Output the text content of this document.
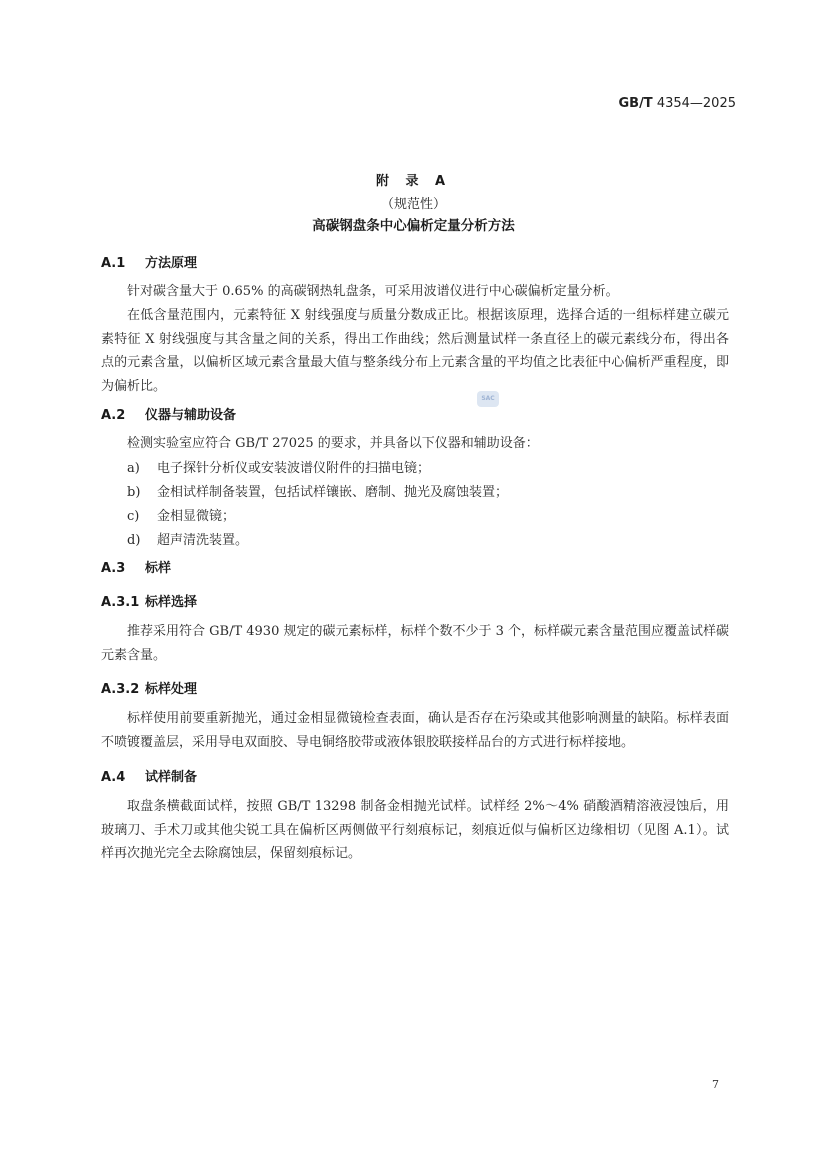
GB/T 4354—2025
附 录 A
（规范性）
高碳钢盘条中心偏析定量分析方法
A.1 方法原理
针对碳含量大于 0.65% 的高碳钢热轧盘条，可采用波谱仪进行中心碳偏析定量分析。
在低含量范围内，元素特征 X 射线强度与质量分数成正比。根据该原理，选择合适的一组标样建立碳元素特征 X 射线强度与其含量之间的关系，得出工作曲线；然后测量试样一条直径上的碳元素线分布，得出各点的元素含量，以偏析区域元素含量最大值与整条线分布上元素含量的平均值之比表征中心偏析严重程度，即为偏析比。
SAC
A.2 仪器与辅助设备
检测实验室应符合 GB/T 27025 的要求，并具备以下仪器和辅助设备：
a) 电子探针分析仪或安装波谱仪附件的扫描电镜；
b) 金相试样制备装置，包括试样镶嵌、磨制、抛光及腐蚀装置；
c) 金相显微镜；
d) 超声清洗装置。
A.3 标样
A.3.1 标样选择
推荐采用符合 GB/T 4930 规定的碳元素标样，标样个数不少于 3 个，标样碳元素含量范围应覆盖试样碳元素含量。
A.3.2 标样处理
标样使用前要重新抛光，通过金相显微镜检查表面，确认是否存在污染或其他影响测量的缺陷。标样表面不喷镀覆盖层，采用导电双面胶、导电铜络胶带或液体银胶联接样品台的方式进行标样接地。
A.4 试样制备
取盘条横截面试样，按照 GB/T 13298 制备金相抛光试样。试样经 2%～4% 硝酸酒精溶液浸蚀后，用玻璃刀、手术刀或其他尖锐工具在偏析区两侧做平行刻痕标记，刻痕近似与偏析区边缘相切（见图 A.1）。试样再次抛光完全去除腐蚀层，保留刻痕标记。
7
